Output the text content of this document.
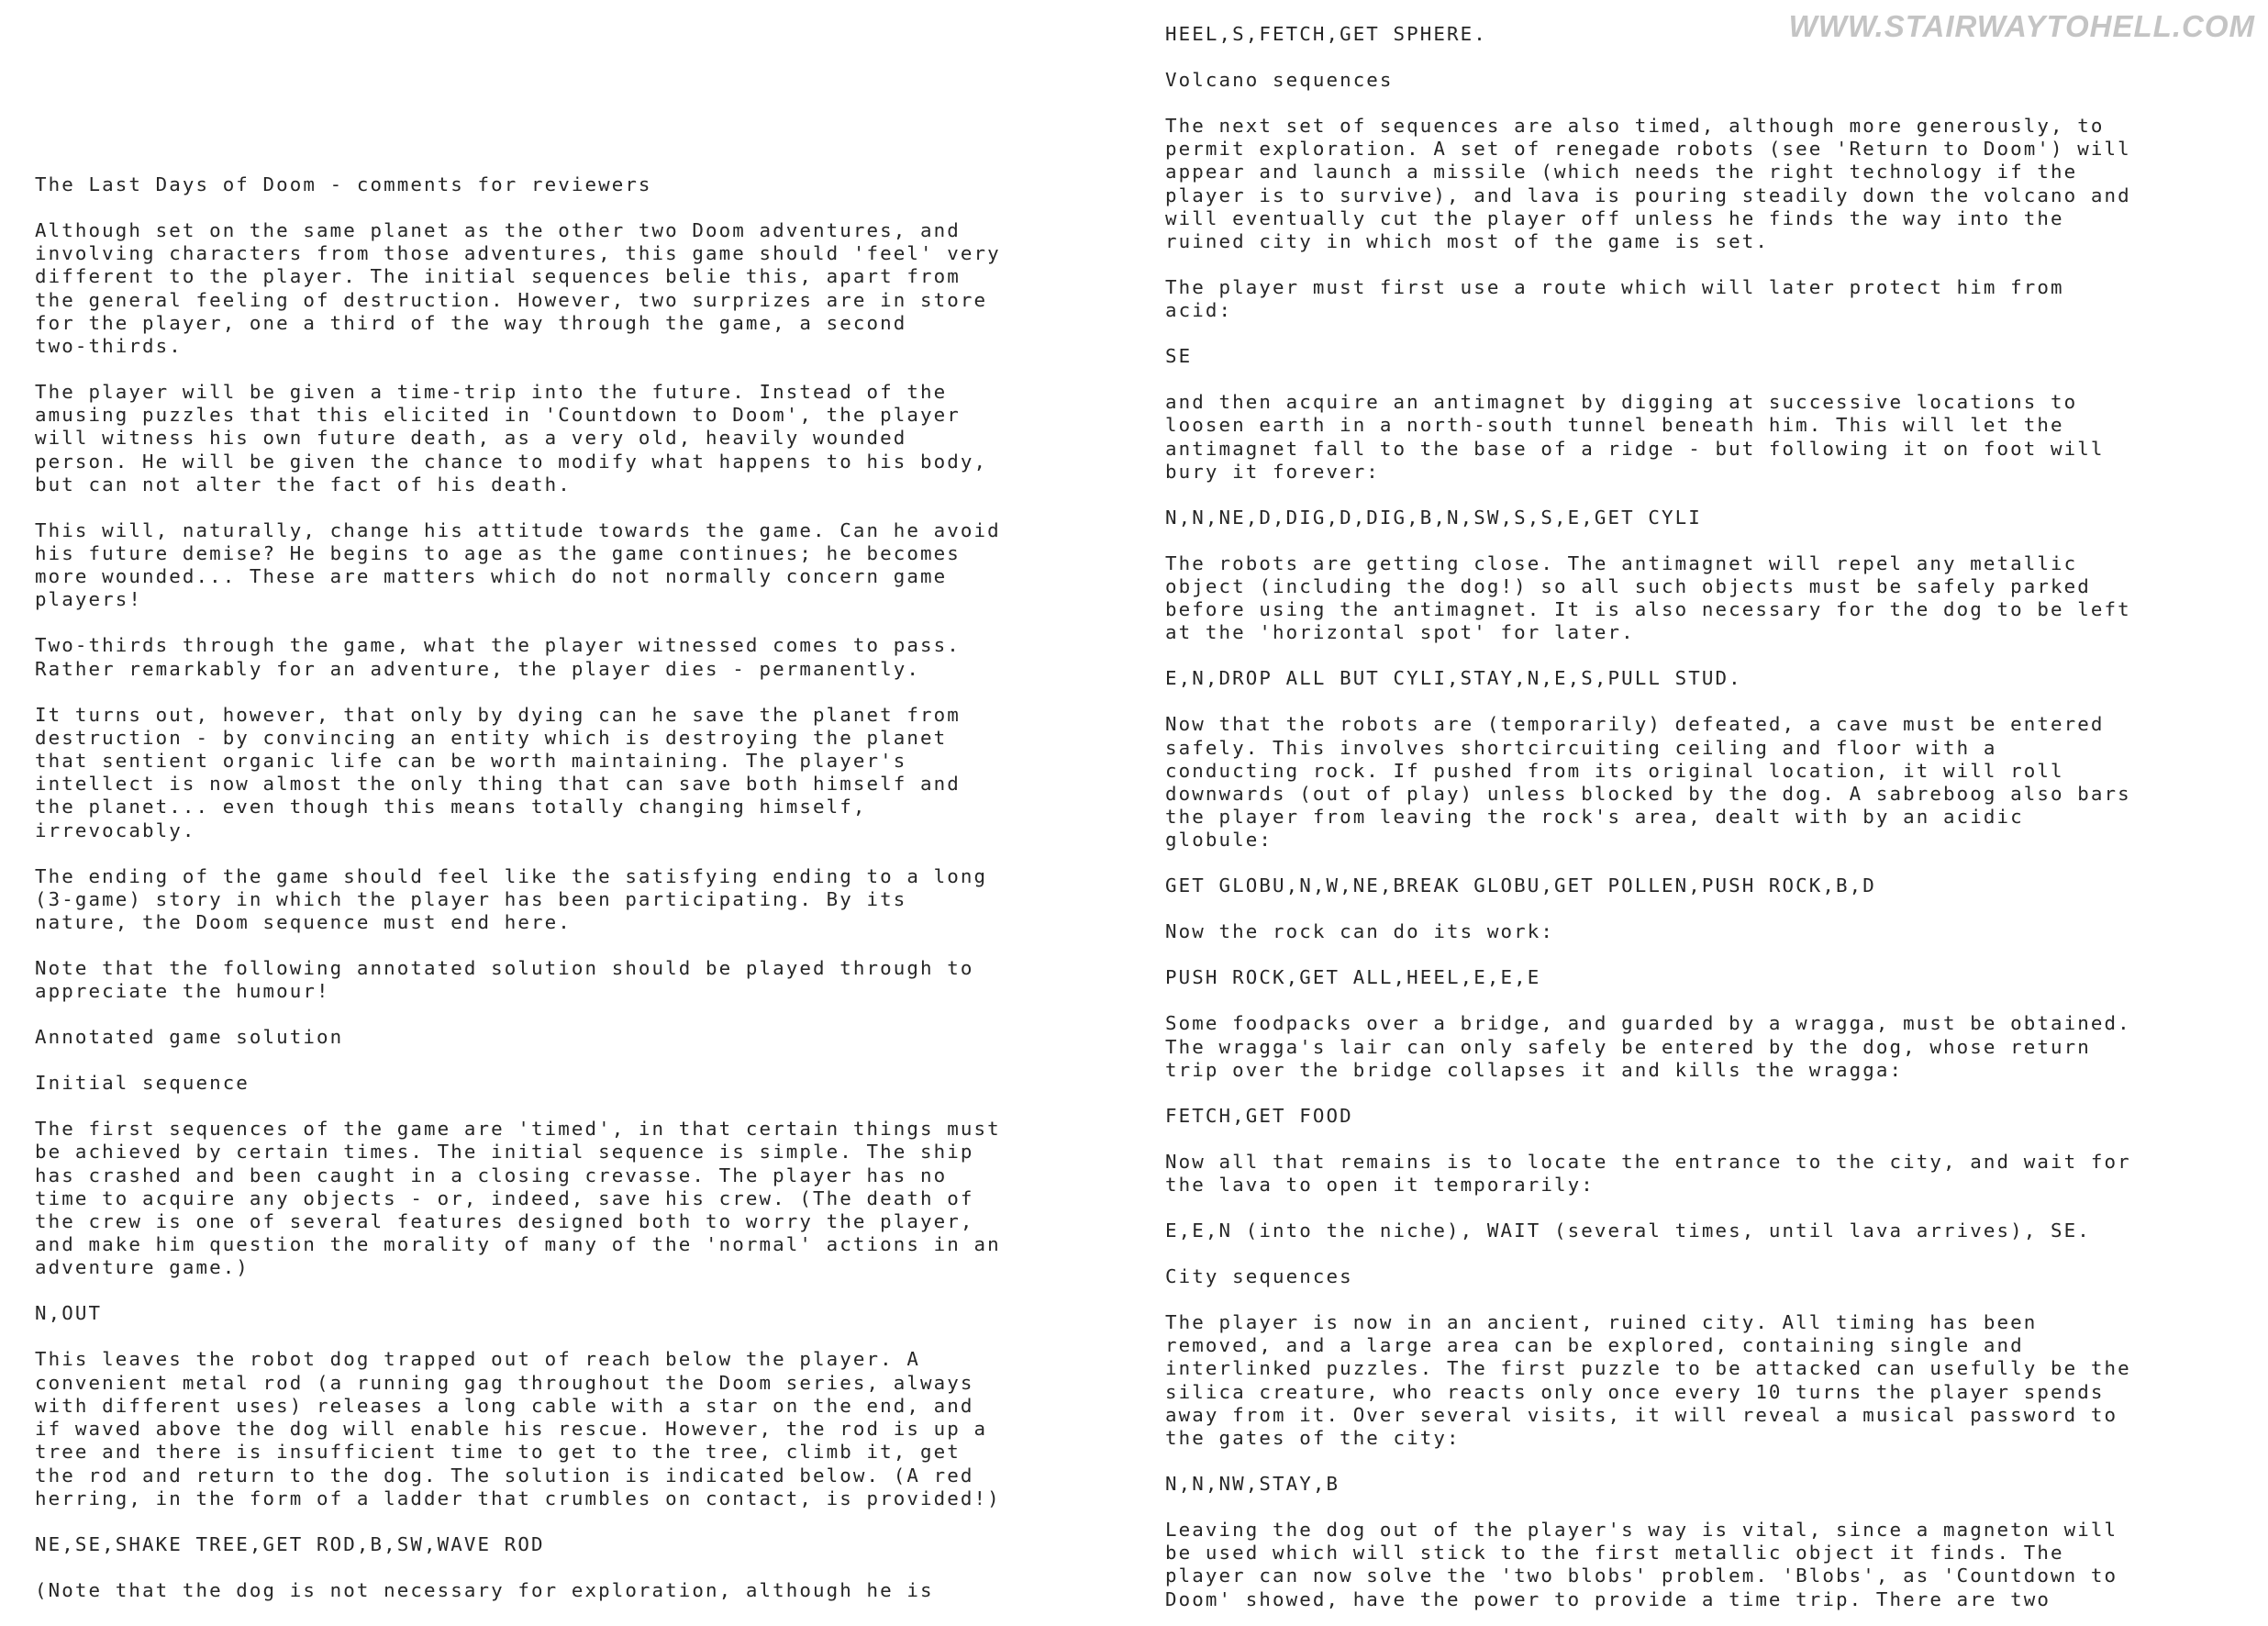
WWW.STAIRWAYTOHELL.COM

The Last Days of Doom - comments for reviewers

Although set on the same planet as the other two Doom adventures, and
involving characters from those adventures, this game should 'feel' very
different to the player. The initial sequences belie this, apart from
the general feeling of destruction. However, two surprizes are in store
for the player, one a third of the way through the game, a second
two-thirds.

The player will be given a time-trip into the future. Instead of the
amusing puzzles that this elicited in 'Countdown to Doom', the player
will witness his own future death, as a very old, heavily wounded
person. He will be given the chance to modify what happens to his body,
but can not alter the fact of his death.

This will, naturally, change his attitude towards the game. Can he avoid
his future demise? He begins to age as the game continues; he becomes
more wounded... These are matters which do not normally concern game
players!

Two-thirds through the game, what the player witnessed comes to pass.
Rather remarkably for an adventure, the player dies - permanently.

It turns out, however, that only by dying can he save the planet from
destruction - by convincing an entity which is destroying the planet
that sentient organic life can be worth maintaining. The player's
intellect is now almost the only thing that can save both himself and
the planet... even though this means totally changing himself,
irrevocably.

The ending of the game should feel like the satisfying ending to a long
(3-game) story in which the player has been participating. By its
nature, the Doom sequence must end here.

Note that the following annotated solution should be played through to
appreciate the humour!

Annotated game solution

Initial sequence

The first sequences of the game are 'timed', in that certain things must
be achieved by certain times. The initial sequence is simple. The ship
has crashed and been caught in a closing crevasse. The player has no
time to acquire any objects - or, indeed, save his crew. (The death of
the crew is one of several features designed both to worry the player,
and make him question the morality of many of the 'normal' actions in an
adventure game.)

N,OUT

This leaves the robot dog trapped out of reach below the player. A
convenient metal rod (a running gag throughout the Doom series, always
with different uses) releases a long cable with a star on the end, and
if waved above the dog will enable his rescue. However, the rod is up a
tree and there is insufficient time to get to the tree, climb it, get
the rod and return to the dog. The solution is indicated below. (A red
herring, in the form of a ladder that crumbles on contact, is provided!)

NE,SE,SHAKE TREE,GET ROD,B,SW,WAVE ROD

(Note that the dog is not necessary for exploration, although he is

HEEL,S,FETCH,GET SPHERE.

Volcano sequences

The next set of sequences are also timed, although more generously, to
permit exploration. A set of renegade robots (see 'Return to Doom') will
appear and launch a missile (which needs the right technology if the
player is to survive), and lava is pouring steadily down the volcano and
will eventually cut the player off unless he finds the way into the
ruined city in which most of the game is set.

The player must first use a route which will later protect him from
acid:

SE

and then acquire an antimagnet by digging at successive locations to
loosen earth in a north-south tunnel beneath him. This will let the
antimagnet fall to the base of a ridge - but following it on foot will
bury it forever:

N,N,NE,D,DIG,D,DIG,B,N,SW,S,S,E,GET CYLI

The robots are getting close. The antimagnet will repel any metallic
object (including the dog!) so all such objects must be safely parked
before using the antimagnet. It is also necessary for the dog to be left
at the 'horizontal spot' for later.

E,N,DROP ALL BUT CYLI,STAY,N,E,S,PULL STUD.

Now that the robots are (temporarily) defeated, a cave must be entered
safely. This involves shortcircuiting ceiling and floor with a
conducting rock. If pushed from its original location, it will roll
downwards (out of play) unless blocked by the dog. A sabreboog also bars
the player from leaving the rock's area, dealt with by an acidic
globule:

GET GLOBU,N,W,NE,BREAK GLOBU,GET POLLEN,PUSH ROCK,B,D

Now the rock can do its work:

PUSH ROCK,GET ALL,HEEL,E,E,E

Some foodpacks over a bridge, and guarded by a wragga, must be obtained.
The wragga's lair can only safely be entered by the dog, whose return
trip over the bridge collapses it and kills the wragga:

FETCH,GET FOOD

Now all that remains is to locate the entrance to the city, and wait for
the lava to open it temporarily:

E,E,N (into the niche), WAIT (several times, until lava arrives), SE.

City sequences

The player is now in an ancient, ruined city. All timing has been
removed, and a large area can be explored, containing single and
interlinked puzzles. The first puzzle to be attacked can usefully be the
silica creature, who reacts only once every 10 turns the player spends
away from it. Over several visits, it will reveal a musical password to
the gates of the city:

N,N,NW,STAY,B

Leaving the dog out of the player's way is vital, since a magneton will
be used which will stick to the first metallic object it finds. The
player can now solve the 'two blobs' problem. 'Blobs', as 'Countdown to
Doom' showed, have the power to provide a time trip. There are two
